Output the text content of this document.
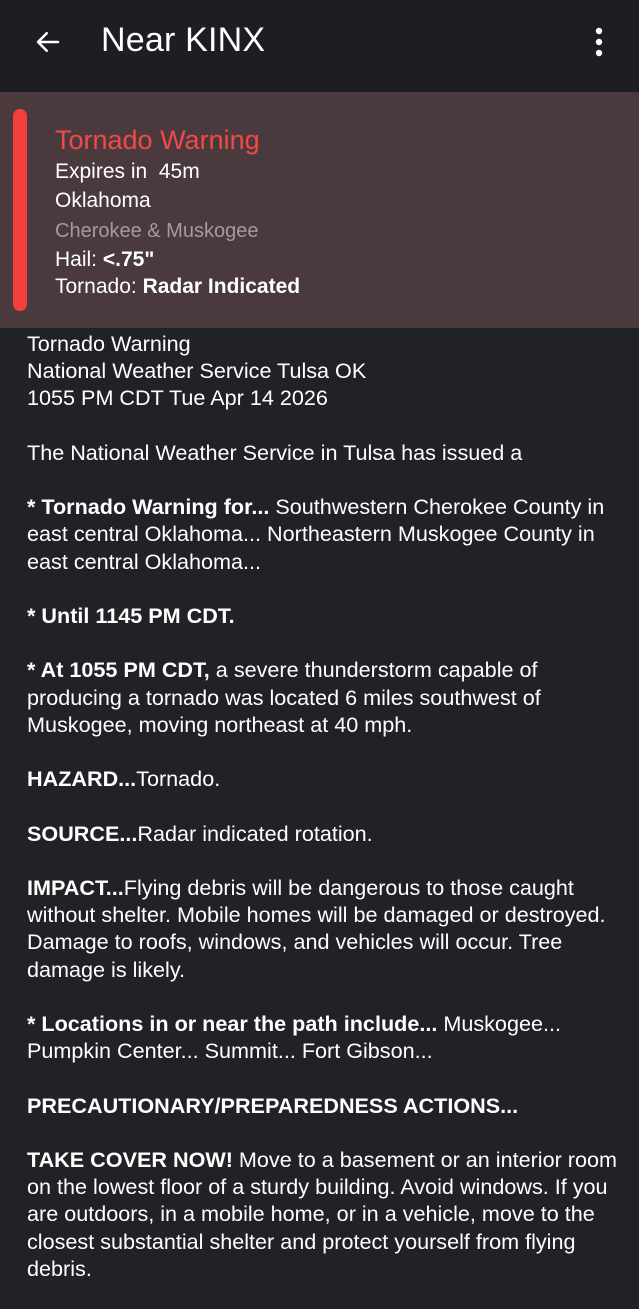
Near KINX
Tornado Warning
Expires in 45m
Oklahoma
Cherokee & Muskogee
Hail: <.75"
Tornado: Radar Indicated

Tornado Warning
National Weather Service Tulsa OK
1055 PM CDT Tue Apr 14 2026

The National Weather Service in Tulsa has issued a

* Tornado Warning for... Southwestern Cherokee County in east central Oklahoma... Northeastern Muskogee County in east central Oklahoma...

* Until 1145 PM CDT.

* At 1055 PM CDT, a severe thunderstorm capable of producing a tornado was located 6 miles southwest of Muskogee, moving northeast at 40 mph.

HAZARD...Tornado.

SOURCE...Radar indicated rotation.

IMPACT...Flying debris will be dangerous to those caught without shelter. Mobile homes will be damaged or destroyed. Damage to roofs, windows, and vehicles will occur. Tree damage is likely.

* Locations in or near the path include... Muskogee... Pumpkin Center... Summit... Fort Gibson...

PRECAUTIONARY/PREPAREDNESS ACTIONS...

TAKE COVER NOW! Move to a basement or an interior room on the lowest floor of a sturdy building. Avoid windows. If you are outdoors, in a mobile home, or in a vehicle, move to the closest substantial shelter and protect yourself from flying debris.
